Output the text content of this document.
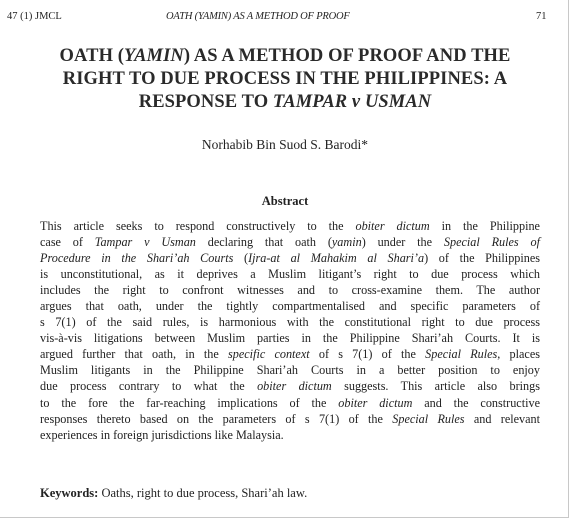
47 (1) JMCL	OATH (YAMIN) AS A METHOD OF PROOF	71
OATH (YAMIN) AS A METHOD OF PROOF AND THE
RIGHT TO DUE PROCESS IN THE PHILIPPINES: A
RESPONSE TO TAMPAR v USMAN
Norhabib Bin Suod S. Barodi*
Abstract
This article seeks to respond constructively to the obiter dictum in the Philippine
case of Tampar v Usman declaring that oath (yamin) under the Special Rules of
Procedure in the Shari’ah Courts (Ijra-at al Mahakim al Shari’a) of the Philippines
is unconstitutional, as it deprives a Muslim litigant’s right to due process which
includes the right to confront witnesses and to cross-examine them. The author
argues that oath, under the tightly compartmentalised and specific parameters of
s 7(1) of the said rules, is harmonious with the constitutional right to due process
vis-à-vis litigations between Muslim parties in the Philippine Shari’ah Courts. It is
argued further that oath, in the specific context of s 7(1) of the Special Rules, places
Muslim litigants in the Philippine Shari’ah Courts in a better position to enjoy
due process contrary to what the obiter dictum suggests. This article also brings
to the fore the far-reaching implications of the obiter dictum and the constructive
responses thereto based on the parameters of s 7(1) of the Special Rules and relevant
experiences in foreign jurisdictions like Malaysia.
Keywords: Oaths, right to due process, Shari’ah law.
